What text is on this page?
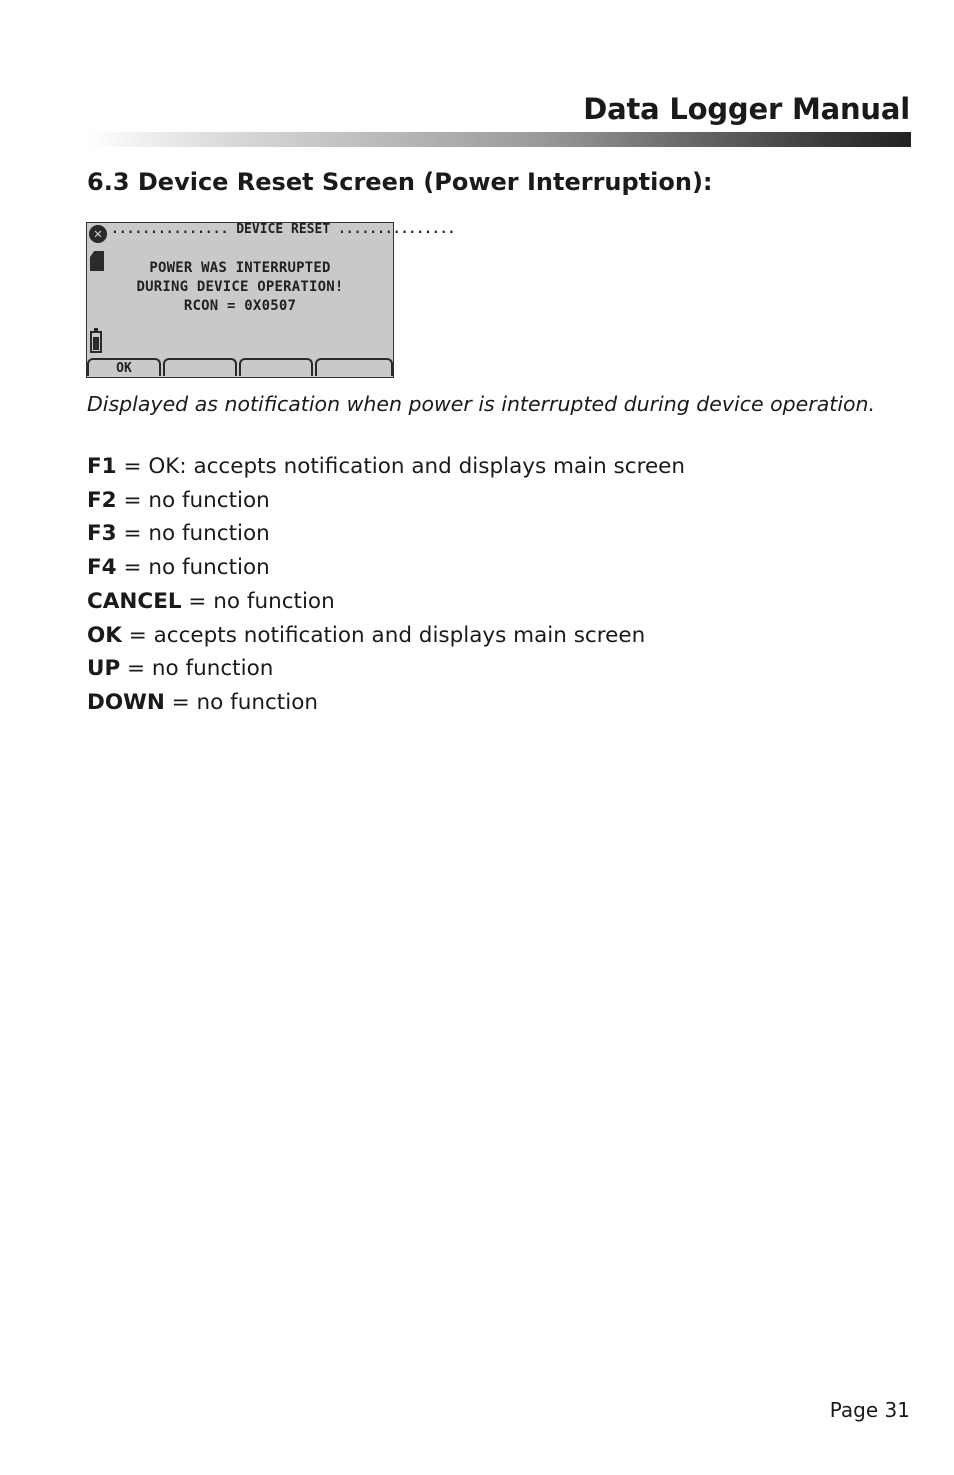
Data Logger Manual
6.3 Device Reset Screen (Power Interruption):
✕ ............... DEVICE RESET ...............
POWER WAS INTERRUPTED
DURING DEVICE OPERATION!
RCON = 0X0507
OK
Displayed as notification when power is interrupted during device operation.
F1 = OK: accepts notification and displays main screen
F2 = no function
F3 = no function
F4 = no function
CANCEL = no function
OK = accepts notification and displays main screen
UP = no function
DOWN = no function
Page 31
